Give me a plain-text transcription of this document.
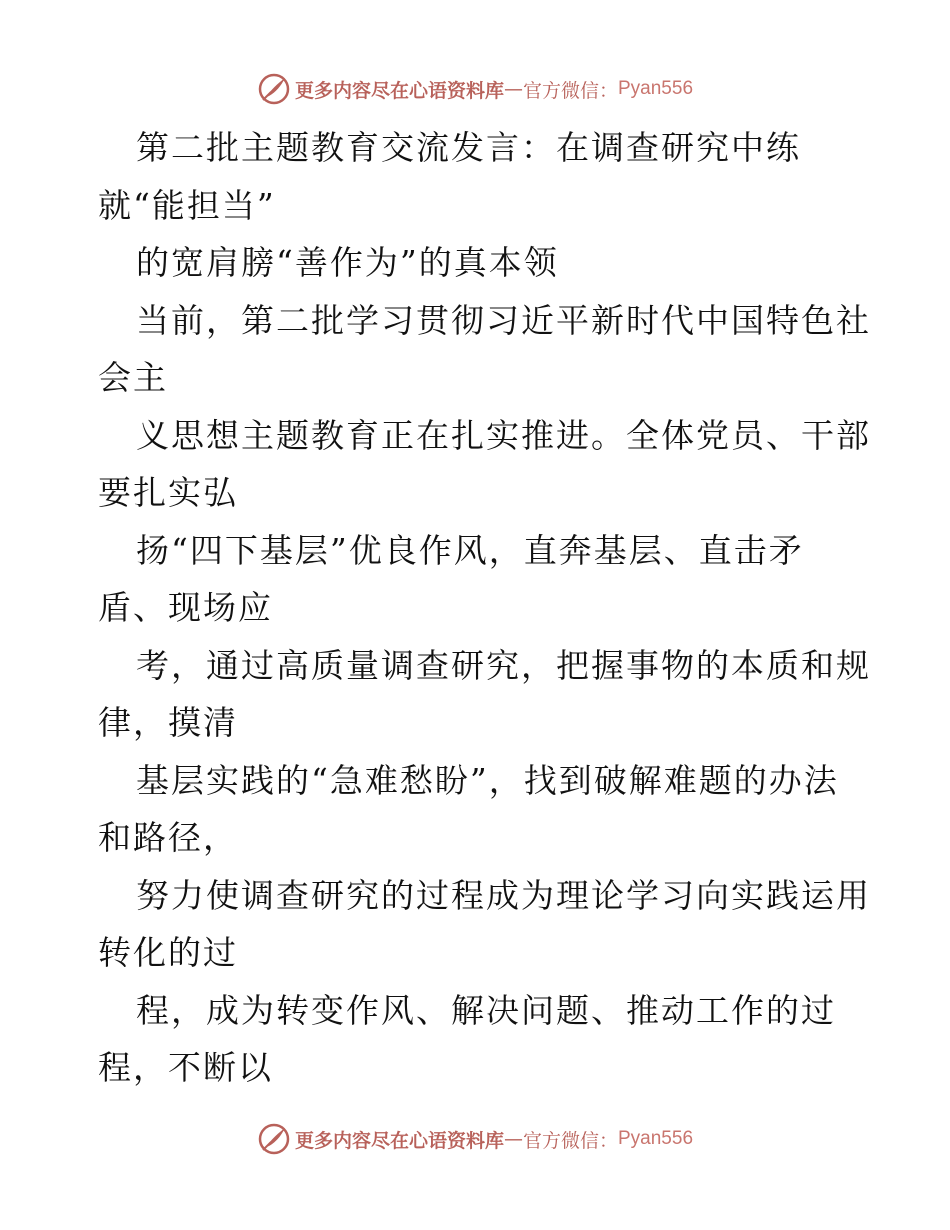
更多内容尽在心语资料库 — 官方微信： Pyan556
第二批主题教育交流发言：在调查研究中练
就“能担当”
的宽肩膀“善作为”的真本领
当前，第二批学习贯彻习近平新时代中国特色社
会主
义思想主题教育正在扎实推进。全体党员、干部
要扎实弘
扬“四下基层”优良作风，直奔基层、直击矛
盾、现场应
考，通过高质量调查研究，把握事物的本质和规
律，摸清
基层实践的“急难愁盼”，找到破解难题的办法
和路径，
努力使调查研究的过程成为理论学习向实践运用
转化的过
程，成为转变作风、解决问题、推动工作的过
程，不断以
更多内容尽在心语资料库 — 官方微信： Pyan556
